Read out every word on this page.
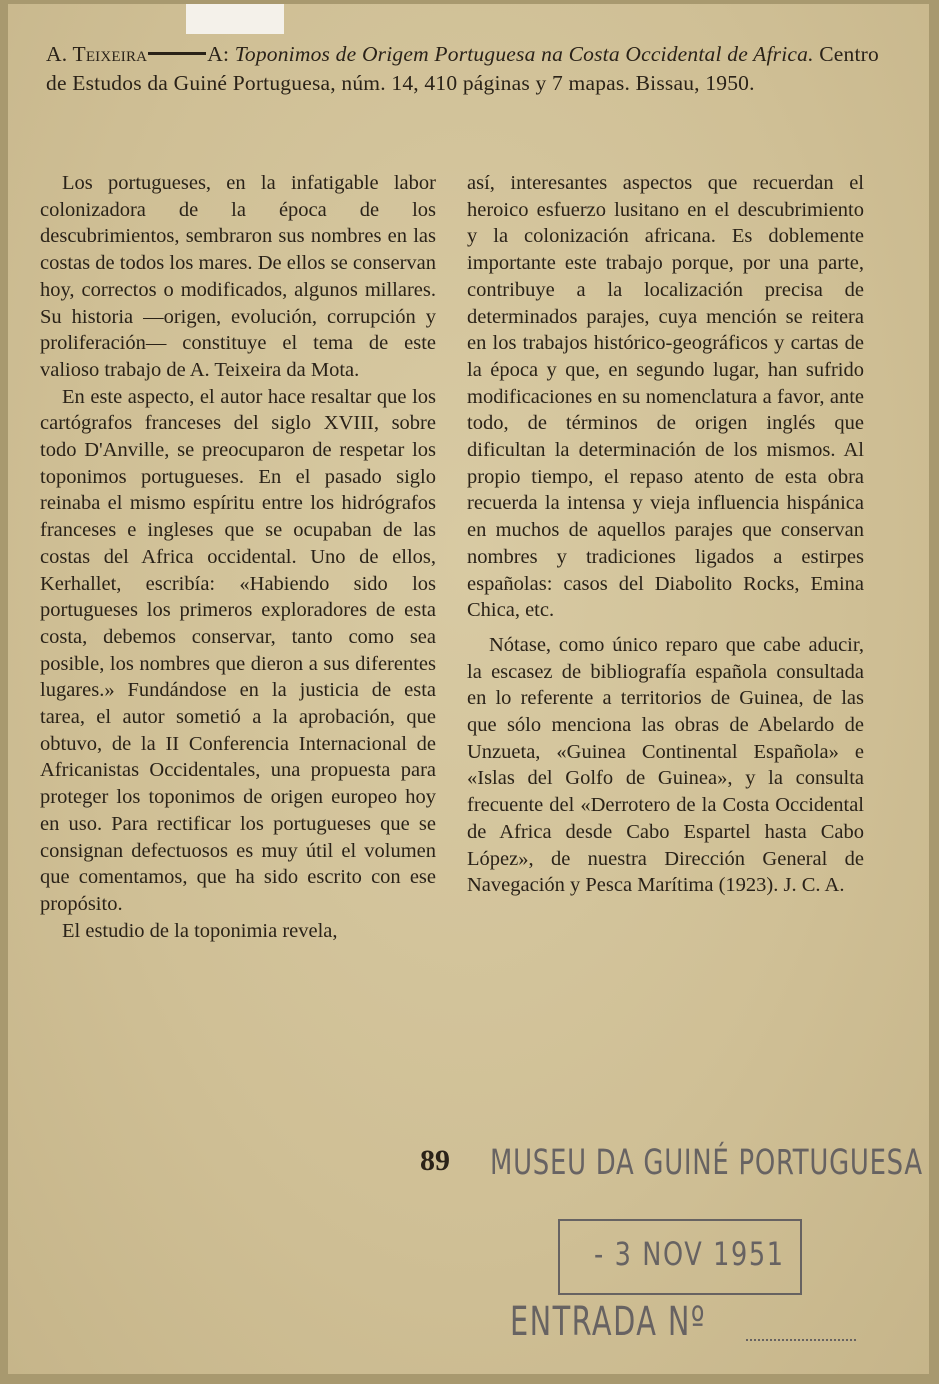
A. Teixeira	A: Toponimos de Origem Portuguesa na Costa Occidental de Africa. Centro de Estudos da Guiné Portuguesa, núm. 14, 410 páginas y 7 mapas. Bissau, 1950.

Los portugueses, en la infatigable labor colonizadora de la época de los descubrimientos, sembraron sus nombres en las costas de todos los mares. De ellos se conservan hoy, correctos o modificados, algunos millares. Su historia —origen, evolución, corrupción y proliferación— constituye el tema de este valioso trabajo de A. Teixeira da Mota.

En este aspecto, el autor hace resaltar que los cartógrafos franceses del siglo XVIII, sobre todo D'Anville, se preocuparon de respetar los toponimos portugueses. En el pasado siglo reinaba el mismo espíritu entre los hidrógrafos franceses e ingleses que se ocupaban de las costas del Africa occidental. Uno de ellos, Kerhallet, escribía: «Habiendo sido los portugueses los primeros exploradores de esta costa, debemos conservar, tanto como sea posible, los nombres que dieron a sus diferentes lugares.» Fundándose en la justicia de esta tarea, el autor sometió a la aprobación, que obtuvo, de la II Conferencia Internacional de Africanistas Occidentales, una propuesta para proteger los toponimos de origen europeo hoy en uso. Para rectificar los portugueses que se consignan defectuosos es muy útil el volumen que comentamos, que ha sido escrito con ese propósito.

El estudio de la toponimia revela,

así, interesantes aspectos que recuerdan el heroico esfuerzo lusitano en el descubrimiento y la colonización africana. Es doblemente importante este trabajo porque, por una parte, contribuye a la localización precisa de determinados parajes, cuya mención se reitera en los trabajos histórico-geográficos y cartas de la época y que, en segundo lugar, han sufrido modificaciones en su nomenclatura a favor, ante todo, de términos de origen inglés que dificultan la determinación de los mismos. Al propio tiempo, el repaso atento de esta obra recuerda la intensa y vieja influencia hispánica en muchos de aquellos parajes que conservan nombres y tradiciones ligados a estirpes españolas: casos del Diabolito Rocks, Emina Chica, etc.

Nótase, como único reparo que cabe aducir, la escasez de bibliografía española consultada en lo referente a territorios de Guinea, de las que sólo menciona las obras de Abelardo de Unzueta, «Guinea Continental Española» e «Islas del Golfo de Guinea», y la consulta frecuente del «Derrotero de la Costa Occidental de Africa desde Cabo Espartel hasta Cabo López», de nuestra Dirección General de Navegación y Pesca Marítima (1923). J. C. A.

89 MUSEU DA GUINÉ PORTUGUESA
- 3 NOV 1951
ENTRADA Nº
